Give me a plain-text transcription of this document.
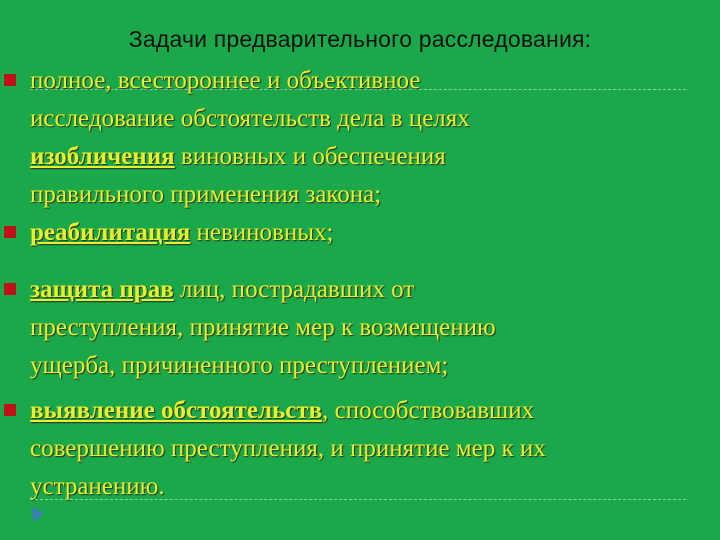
Задачи предварительного расследования:
полное, всестороннее и объективное
исследование обстоятельств дела в целях
изобличения виновных и обеспечения
правильного применения закона;
реабилитация невиновных;
защита прав лиц, пострадавших от
преступления, принятие мер к возмещению
ущерба, причиненного преступлением;
выявление обстоятельств, способствовавших
совершению преступления, и принятие мер к их
устранению.
